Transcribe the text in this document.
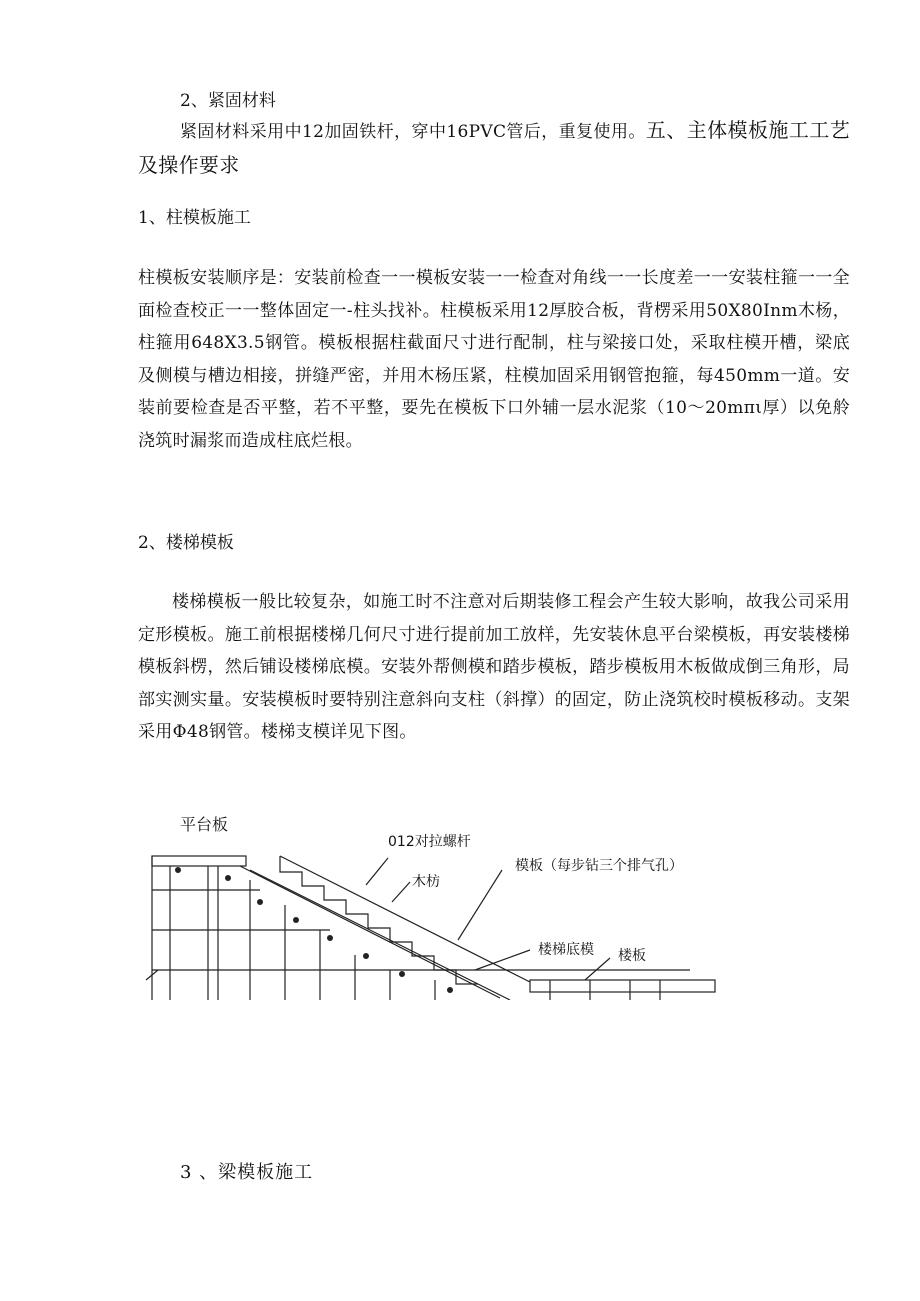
2、紧固材料

紧固材料采用中12加固铁杆，穿中16PVC管后，重复使用。五、主体模板施工工艺及操作要求

1、柱模板施工

柱模板安装顺序是：安装前检查一一模板安装一一检查对角线一一长度差一一安装柱箍一一全面检查校正一一整体固定一-柱头找补。柱模板采用12厚胶合板，背楞采用50X80Inm木杨，柱箍用648X3.5钢管。模板根据柱截面尺寸进行配制，柱与梁接口处，采取柱模开槽，梁底及侧模与槽边相接，拼缝严密，并用木杨压紧，柱模加固采用钢管抱箍，每450mm一道。安装前要检查是否平整，若不平整，要先在模板下口外辅一层水泥浆（10～20mπι厚）以免舲浇筑时漏浆而造成柱底烂根。

2、楼梯模板

楼梯模板一般比较复杂，如施工时不注意对后期装修工程会产生较大影响，故我公司采用定形模板。施工前根据楼梯几何尺寸进行提前加工放样，先安装休息平台梁模板，再安装楼梯模板斜楞，然后铺设楼梯底模。安装外帮侧模和踏步模板，踏步模板用木板做成倒三角形，局部实测实量。安装模板时要特别注意斜向支柱（斜撑）的固定，防止浇筑校时模板移动。支架采用Φ48钢管。楼梯支模详见下图。

平台板

012对拉螺杆
模板（每步钻三个排气孔）
木枋
楼梯底模 楼板

3 、梁模板施工
